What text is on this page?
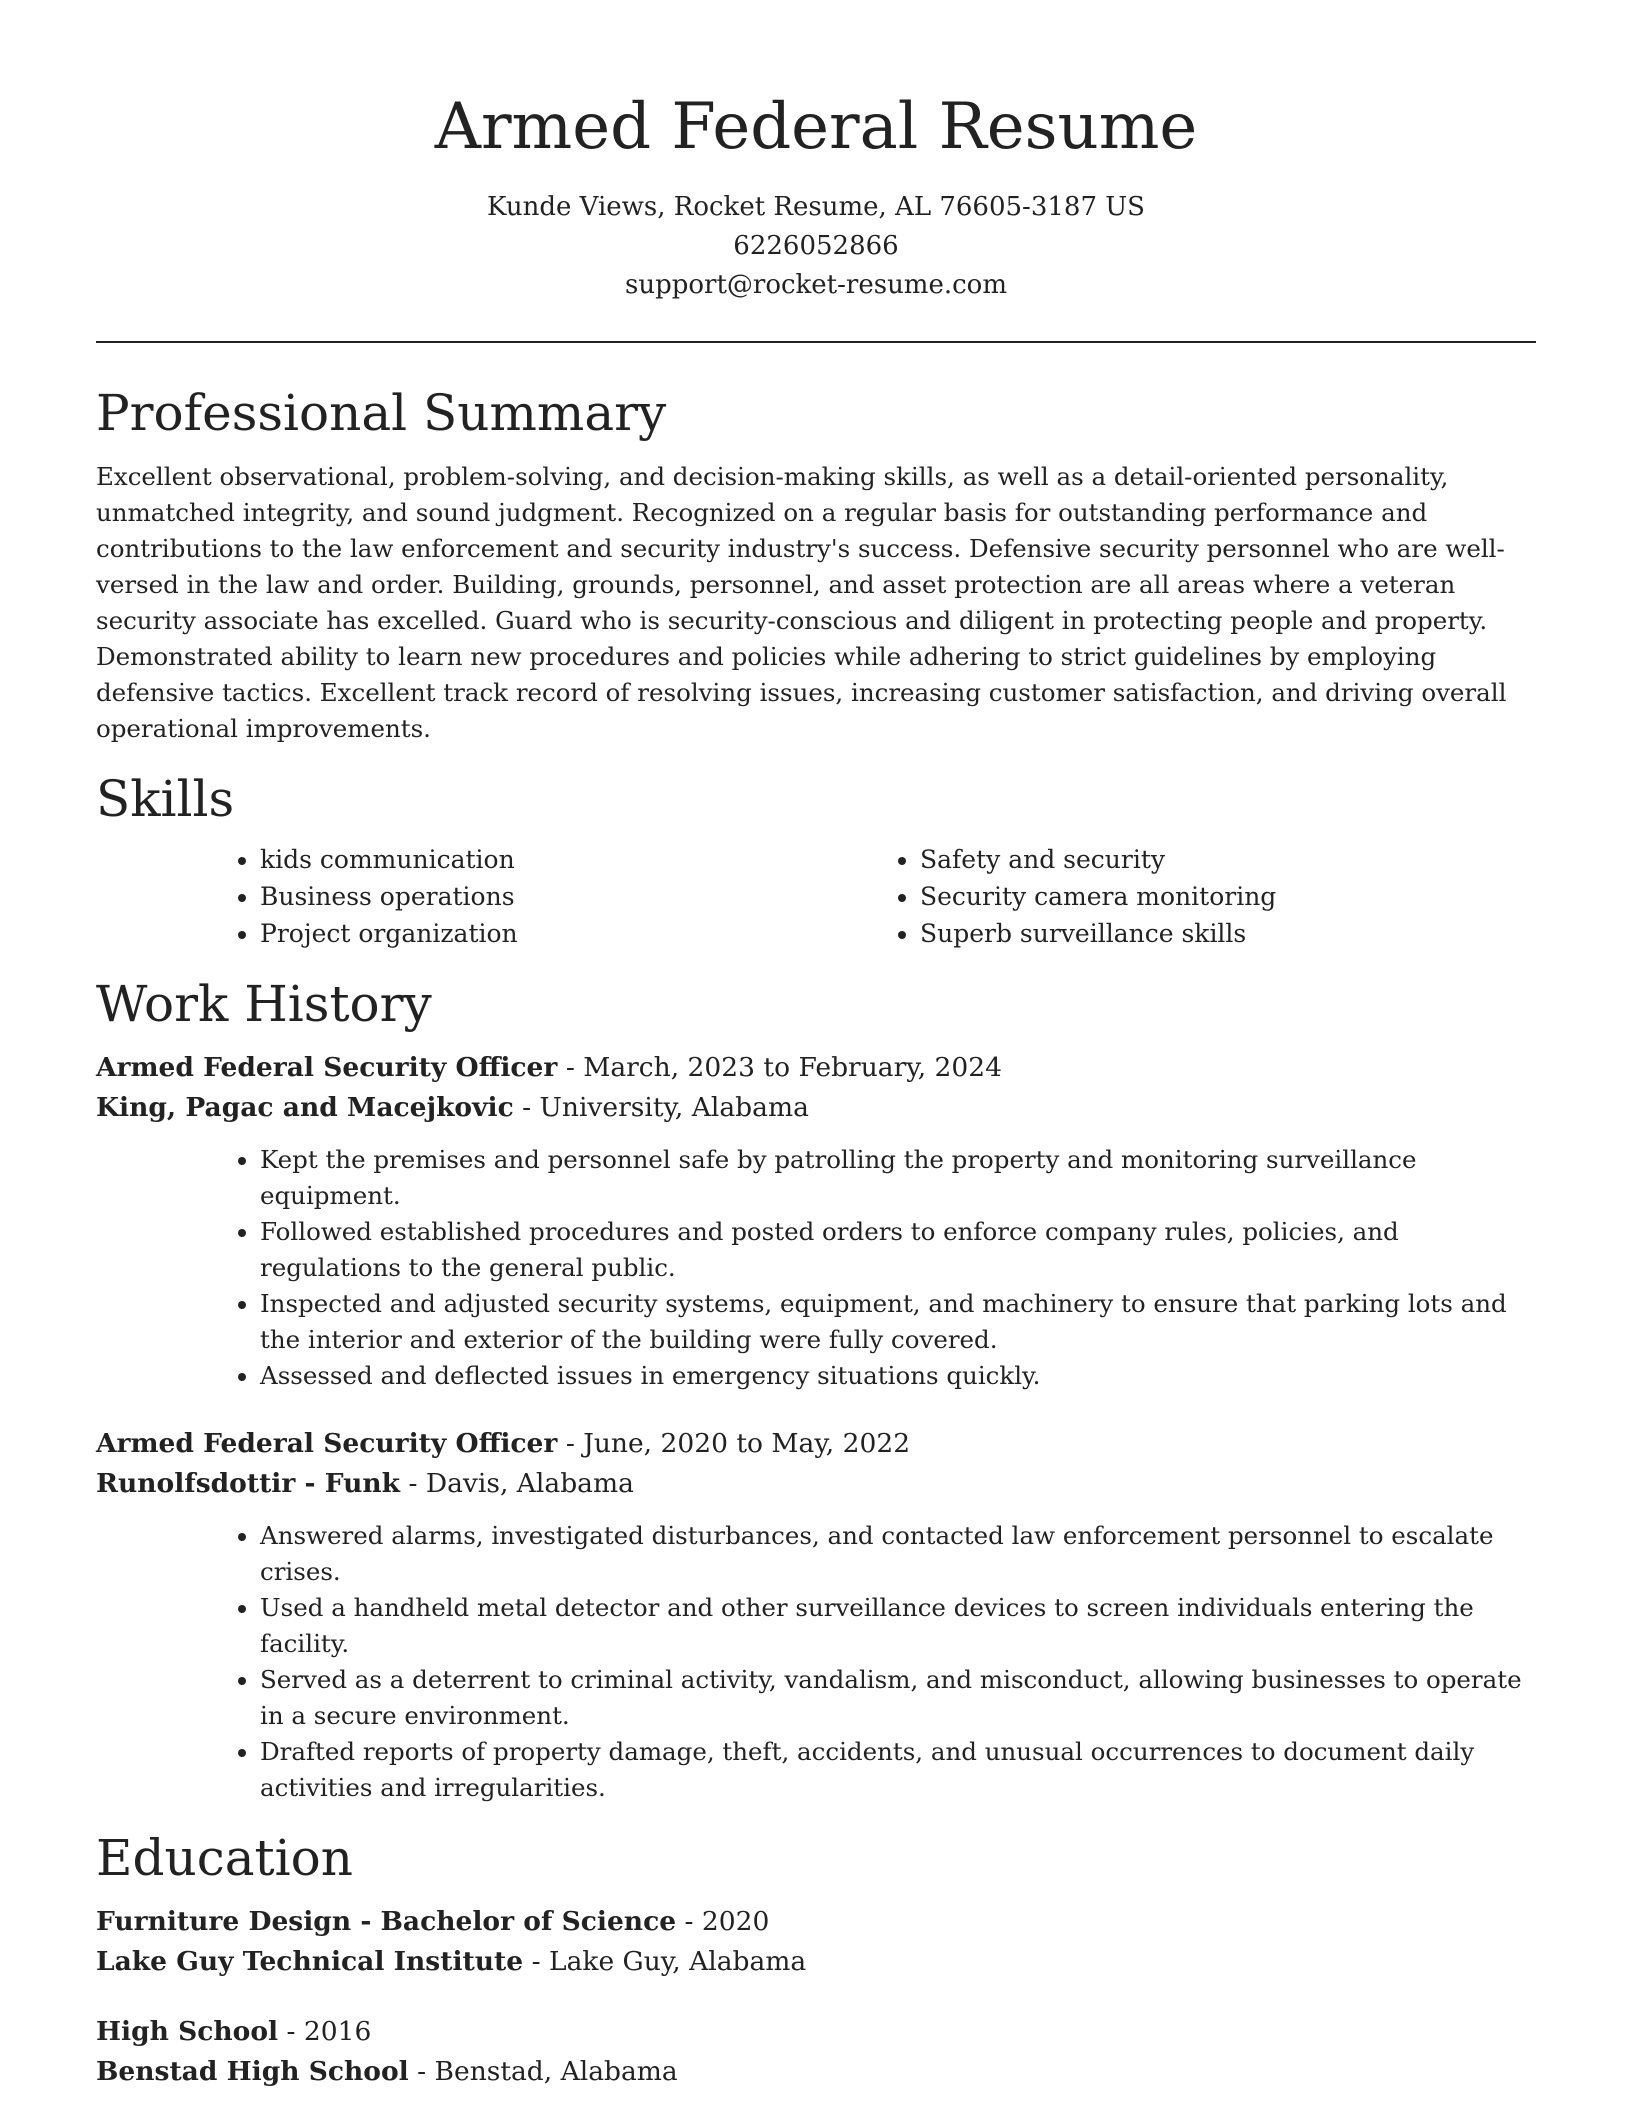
Armed Federal Resume

Kunde Views, Rocket Resume, AL 76605-3187 US

6226052866

support@rocket-resume.com

Professional Summary

Excellent observational, problem-solving, and decision-making skills, as well as a detail-oriented personality, unmatched integrity, and sound judgment. Recognized on a regular basis for outstanding performance and contributions to the law enforcement and security industry's success. Defensive security personnel who are well-versed in the law and order. Building, grounds, personnel, and asset protection are all areas where a veteran security associate has excelled. Guard who is security-conscious and diligent in protecting people and property. Demonstrated ability to learn new procedures and policies while adhering to strict guidelines by employing defensive tactics. Excellent track record of resolving issues, increasing customer satisfaction, and driving overall operational improvements.

Skills
• kids communication
• Business operations
• Project organization
• Safety and security
• Security camera monitoring
• Superb surveillance skills
Work History

Armed Federal Security Officer - March, 2023 to February, 2024

King, Pagac and Macejkovic - University, Alabama

• Kept the premises and personnel safe by patrolling the property and monitoring surveillance equipment.
• Followed established procedures and posted orders to enforce company rules, policies, and regulations to the general public.
• Inspected and adjusted security systems, equipment, and machinery to ensure that parking lots and the interior and exterior of the building were fully covered.
• Assessed and deflected issues in emergency situations quickly.

Armed Federal Security Officer - June, 2020 to May, 2022

Runolfsdottir - Funk - Davis, Alabama

• Answered alarms, investigated disturbances, and contacted law enforcement personnel to escalate crises.
• Used a handheld metal detector and other surveillance devices to screen individuals entering the facility.
• Served as a deterrent to criminal activity, vandalism, and misconduct, allowing businesses to operate in a secure environment.
• Drafted reports of property damage, theft, accidents, and unusual occurrences to document daily activities and irregularities.
Education

Furniture Design - Bachelor of Science - 2020

Lake Guy Technical Institute - Lake Guy, Alabama

High School - 2016

Benstad High School - Benstad, Alabama
